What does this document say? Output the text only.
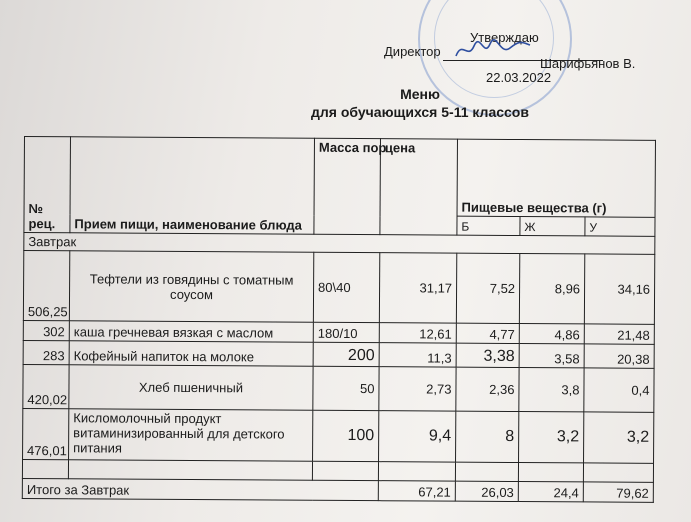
Утверждаю
Директор
Шарифьянов В.
22.03.2022
Меню
для обучающихся 5-11 классов
№
рец.	Прием пищи, наименование блюда	Масса пор	цена	Пищевые вещества (г)		
				Б	Ж	У
Завтрак						
506,25	Тефтели из говядины с томатным соусом	80\40	31,17	7,52	8,96	34,16
302	каша гречневая вязкая с маслом	180/10	12,61	4,77	4,86	21,48
283	Кофейный напиток на молоке	200	11,3	3,38	3,58	20,38
420,02	Хлеб пшеничный	50	2,73	2,36	3,8	0,4
476,01	Кисломолочный продукт витаминизированный для детского питания	100	9,4	8	3,2	3,2

Итого за Завтрак			67,21	26,03	24,4	79,62
